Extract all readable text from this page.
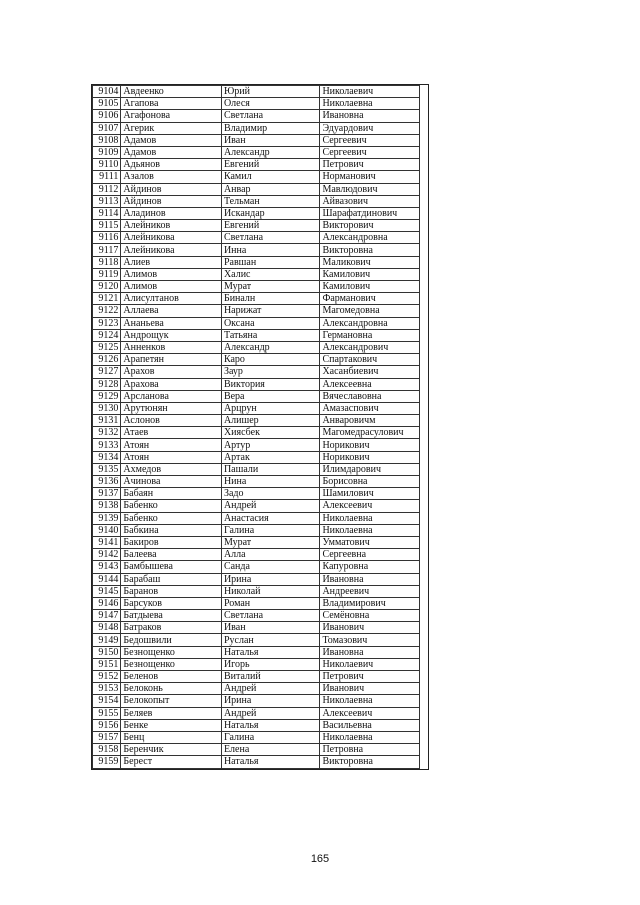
9104	Авдеенко	Юрий	Николаевич
9105	Агапова	Олеся	Николаевна
9106	Агафонова	Светлана	Ивановна
9107	Агерик	Владимир	Эдуардович
9108	Адамов	Иван	Сергеевич
9109	Адамов	Александр	Сергеевич
9110	Адьянов	Евгений	Петрович
9111	Азалов	Камил	Норманович
9112	Айдинов	Анвар	Мавлюдович
9113	Айдинов	Тельман	Айвазович
9114	Аладинов	Искандар	Шарафатдинович
9115	Алейников	Евгений	Викторович
9116	Алейникова	Светлана	Александровна
9117	Алейникова	Инна	Викторовна
9118	Алиев	Равшан	Маликович
9119	Алимов	Халис	Камилович
9120	Алимов	Мурат	Камилович
9121	Алисултанов	Биналн	Фарманович
9122	Аллаева	Нарижат	Магомедовна
9123	Ананьева	Оксана	Александровна
9124	Андрощук	Татьяна	Германовна
9125	Анненков	Александр	Александрович
9126	Арапетян	Каро	Спартакович
9127	Арахов	Заур	Хасанбиевич
9128	Арахова	Виктория	Алексеевна
9129	Арсланова	Вера	Вячеславовна
9130	Арутюнян	Арцрун	Амазаспович
9131	Аслонов	Алишер	Анваровичм
9132	Атаев	Хиясбек	Магомедрасулович
9133	Атоян	Артур	Норикович
9134	Атоян	Артак	Норикович
9135	Ахмедов	Пашали	Илимдарович
9136	Ачинова	Нина	Борисовна
9137	Бабаян	Задо	Шамилович
9138	Бабенко	Андрей	Алексеевич
9139	Бабенко	Анастасия	Николаевна
9140	Бабкина	Галина	Николаевна
9141	Бакиров	Мурат	Умматович
9142	Балеева	Алла	Сергеевна
9143	Бамбышева	Санда	Капуровна
9144	Барабаш	Ирина	Ивановна
9145	Баранов	Николай	Андреевич
9146	Барсуков	Роман	Владимирович
9147	Батдыева	Светлана	Семёновна
9148	Батраков	Иван	Иванович
9149	Бедошвили	Руслан	Томазович
9150	Безнощенко	Наталья	Ивановна
9151	Безнощенко	Игорь	Николаевич
9152	Беленов	Виталий	Петрович
9153	Белоконь	Андрей	Иванович
9154	Белокопыт	Ирина	Николаевна
9155	Беляев	Андрей	Алексеевич
9156	Бенке	Наталья	Васильевна
9157	Бенц	Галина	Николаевна
9158	Беренчик	Елена	Петровна
9159	Берест	Наталья	Викторовна
165
